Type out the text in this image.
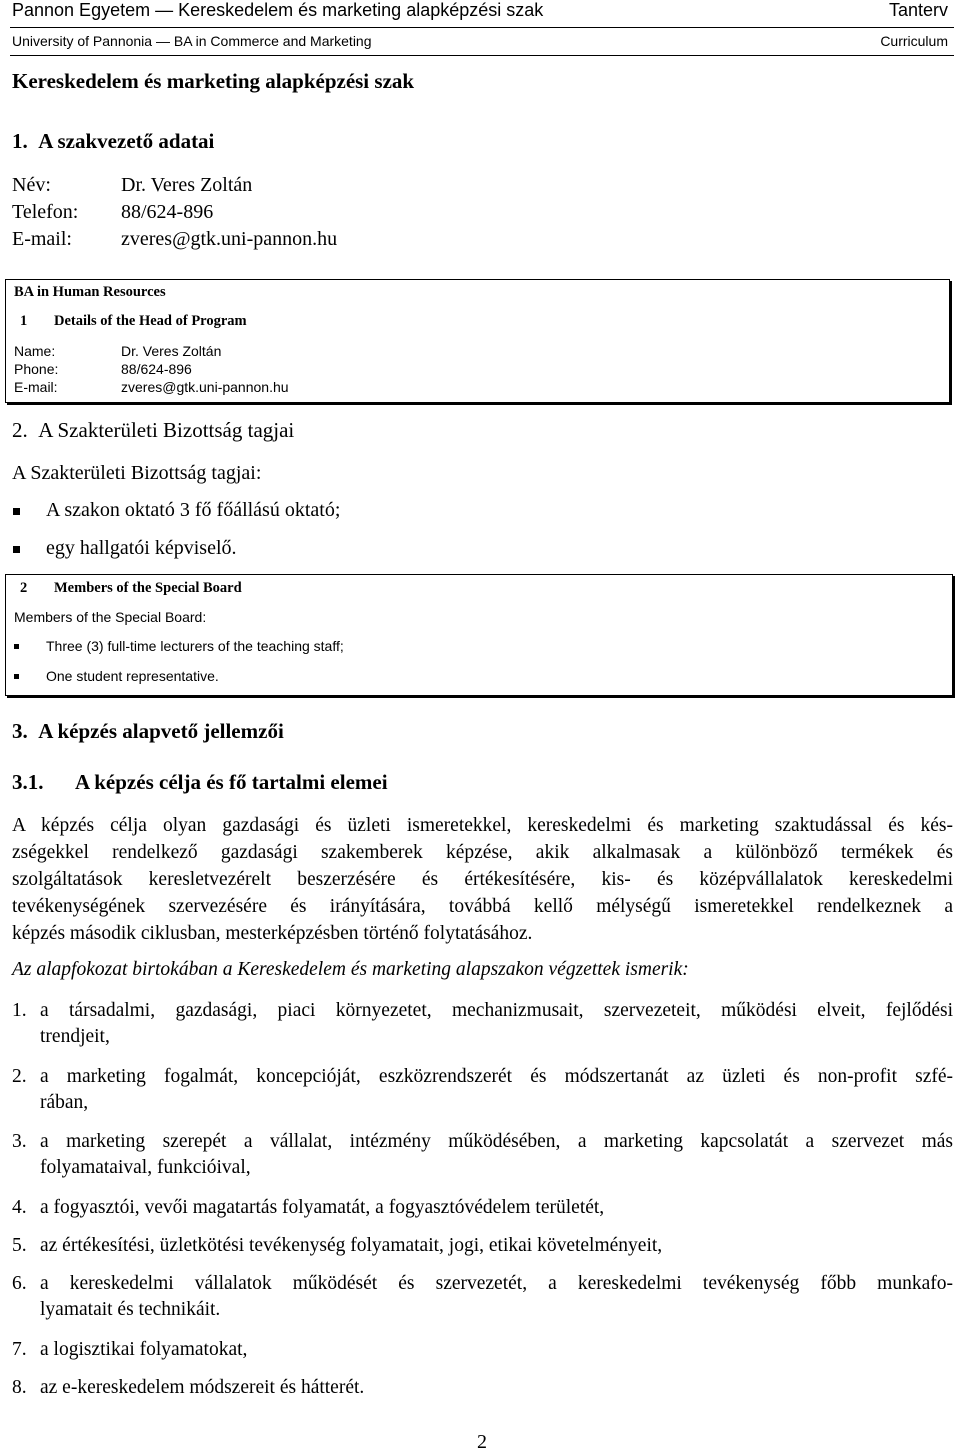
Pannon Egyetem — Kereskedelem és marketing alapképzési szak	Tanterv
University of Pannonia — BA in Commerce and Marketing	Curriculum
Kereskedelem és marketing alapképzési szak
1. A szakvezető adatai
Név:	Dr. Veres Zoltán
Telefon: 88/624-896
E-mail: zveres@gtk.uni-pannon.hu
BA in Human Resources
1 Details of the Head of Program
Name:	Dr. Veres Zoltán
Phone:	88/624-896
E-mail:	zveres@gtk.uni-pannon.hu
2. A Szakterületi Bizottság tagjai
A Szakterületi Bizottság tagjai:
A szakon oktató 3 fő főállású oktató;
egy hallgatói képviselő.
2 Members of the Special Board
Members of the Special Board:
Three (3) full-time lecturers of the teaching staff;
One student representative.
3. A képzés alapvető jellemzői
3.1. A képzés célja és fő tartalmi elemei
A képzés célja olyan gazdasági és üzleti ismeretekkel, kereskedelmi és marketing szaktudással és kés-
zségekkel rendelkező gazdasági szakemberek képzése, akik alkalmasak a különböző termékek és
szolgáltatások keresletvezérelt beszerzésére és értékesítésére, kis- és középvállalatok kereskedelmi
tevékenységének szervezésére és irányítására, továbbá kellő mélységű ismeretekkel rendelkeznek a
képzés második ciklusban, mesterképzésben történő folytatásához.
Az alapfokozat birtokában a Kereskedelem és marketing alapszakon végzettek ismerik:
1. a társadalmi, gazdasági, piaci környezetet, mechanizmusait, szervezeteit, működési elveit, fejlődési
trendjeit,
2. a marketing fogalmát, koncepcióját, eszközrendszerét és módszertanát az üzleti és non-profit szfé-
rában,
3. a marketing szerepét a vállalat, intézmény működésében, a marketing kapcsolatát a szervezet más
folyamataival, funkcióival,
4. a fogyasztói, vevői magatartás folyamatát, a fogyasztóvédelem területét,
5. az értékesítési, üzletkötési tevékenység folyamatait, jogi, etikai követelményeit,
6. a kereskedelmi vállalatok működését és szervezetét, a kereskedelmi tevékenység főbb munkafo-
lyamatait és technikáit.
7. a logisztikai folyamatokat,
8. az e-kereskedelem módszereit és hátterét.
2
